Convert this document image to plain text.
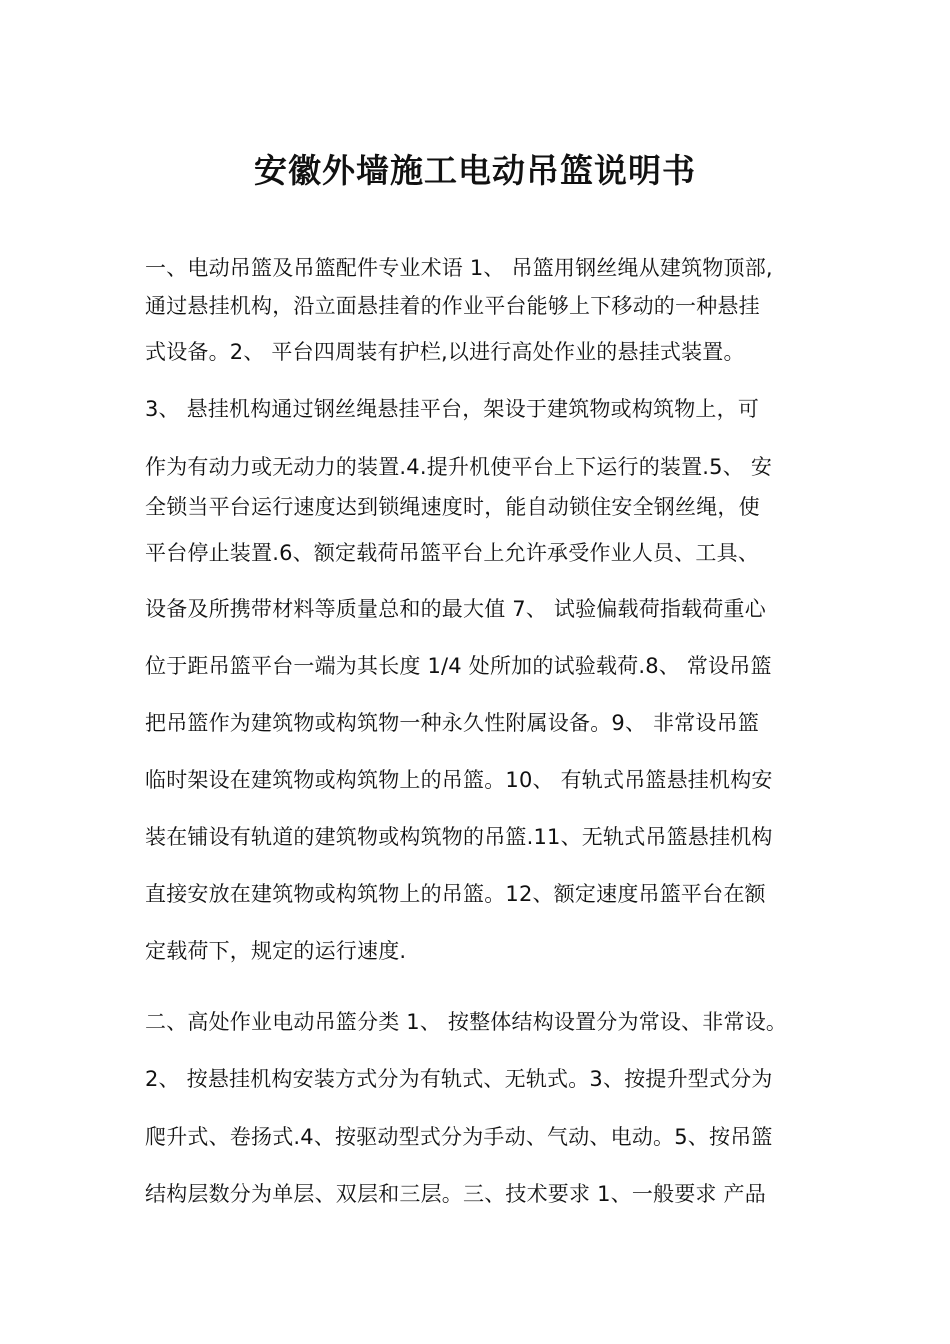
安徽外墙施工电动吊篮说明书
一、电动吊篮及吊篮配件专业术语 1、 吊篮用钢丝绳从建筑物顶部,
通过悬挂机构，沿立面悬挂着的作业平台能够上下移动的一种悬挂
式设备。2、 平台四周装有护栏,以进行高处作业的悬挂式装置。
3、 悬挂机构通过钢丝绳悬挂平台，架设于建筑物或构筑物上，可
作为有动力或无动力的装置.4.提升机使平台上下运行的装置.5、 安
全锁当平台运行速度达到锁绳速度时，能自动锁住安全钢丝绳，使
平台停止装置.6、额定载荷吊篮平台上允许承受作业人员、工具、
设备及所携带材料等质量总和的最大值 7、 试验偏载荷指载荷重心
位于距吊篮平台一端为其长度 1/4 处所加的试验载荷.8、 常设吊篮
把吊篮作为建筑物或构筑物一种永久性附属设备。9、 非常设吊篮
临时架设在建筑物或构筑物上的吊篮。10、 有轨式吊篮悬挂机构安
装在铺设有轨道的建筑物或构筑物的吊篮.11、无轨式吊篮悬挂机构
直接安放在建筑物或构筑物上的吊篮。12、额定速度吊篮平台在额
定载荷下，规定的运行速度.
二、高处作业电动吊篮分类 1、 按整体结构设置分为常设、非常设。
2、 按悬挂机构安装方式分为有轨式、无轨式。3、按提升型式分为
爬升式、卷扬式.4、按驱动型式分为手动、气动、电动。5、按吊篮
结构层数分为单层、双层和三层。三、技术要求 1、一般要求 产品
